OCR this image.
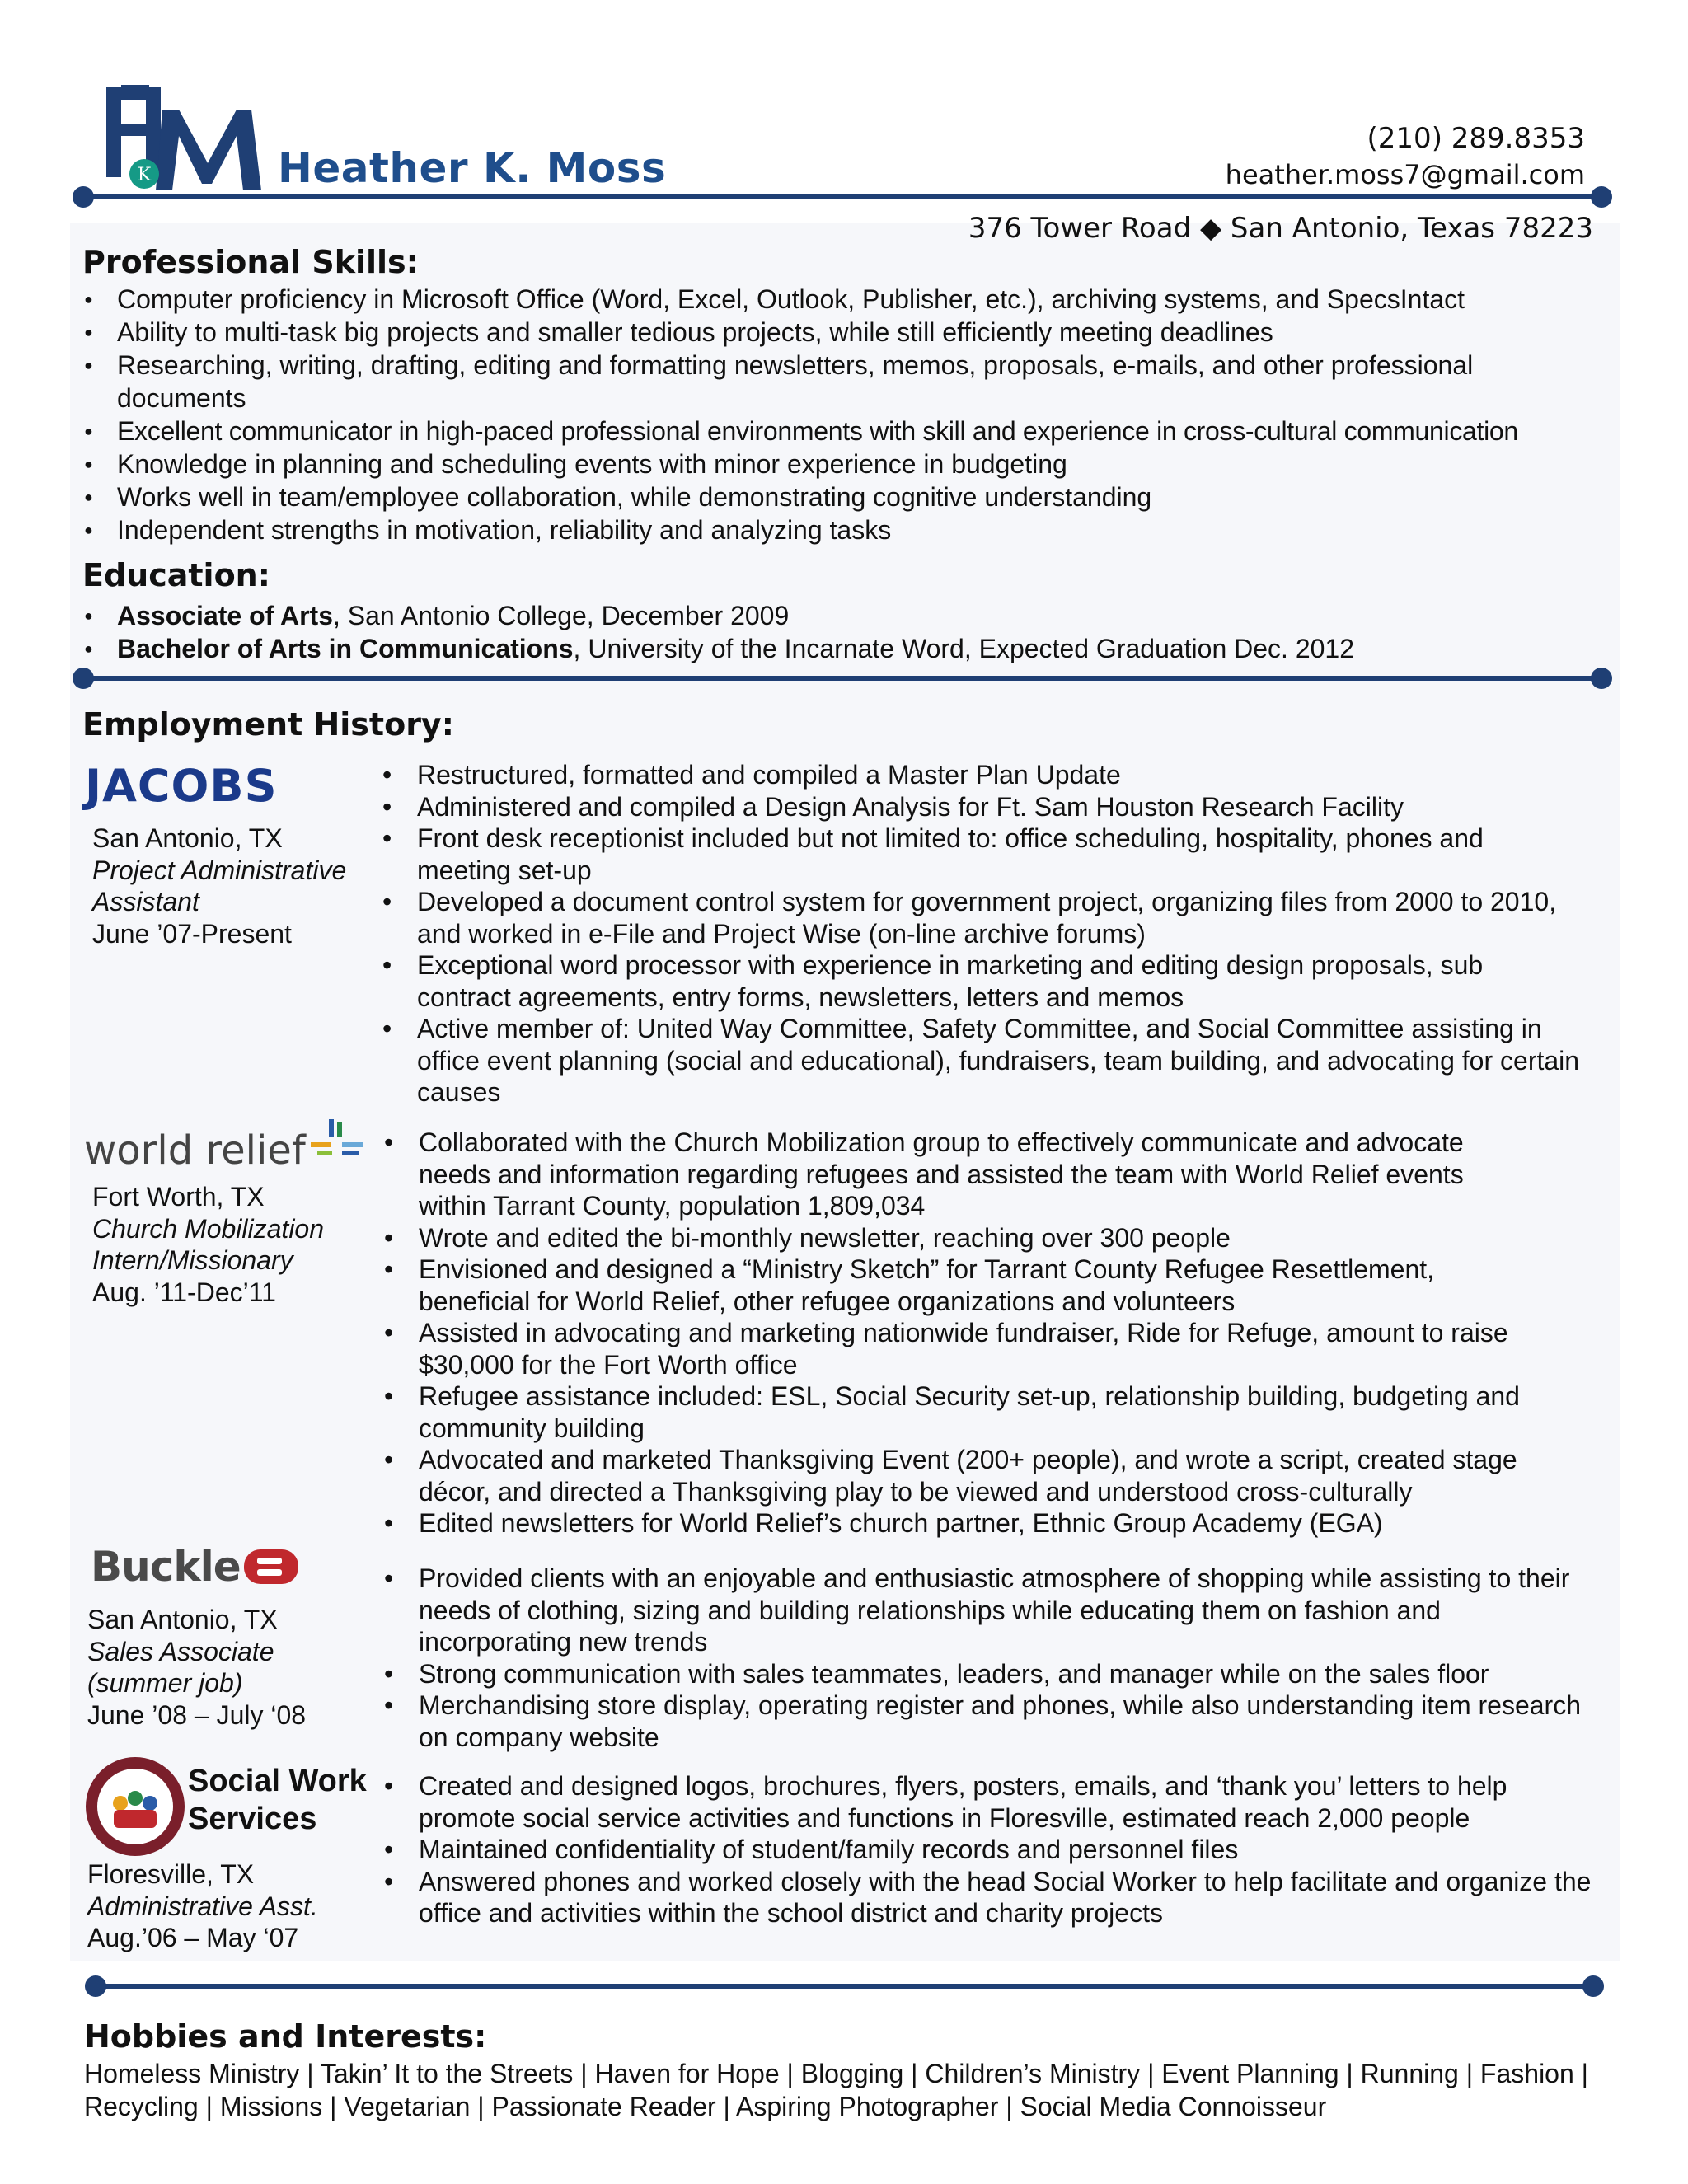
K	Heather K. Moss
(210) 289.8353
heather.moss7@gmail.com
376 Tower Road ◆ San Antonio, Texas 78223
Professional Skills:
● Computer proficiency in Microsoft Office (Word, Excel, Outlook, Publisher, etc.), archiving systems, and SpecsIntact
● Ability to multi-task big projects and smaller tedious projects, while still efficiently meeting deadlines
● Researching, writing, drafting, editing and formatting newsletters, memos, proposals, e-mails, and other professional documents
● Excellent communicator in high-paced professional environments with skill and experience in cross-cultural communication
● Knowledge in planning and scheduling events with minor experience in budgeting
● Works well in team/employee collaboration, while demonstrating cognitive understanding
● Independent strengths in motivation, reliability and analyzing tasks
Education:
● Associate of Arts, San Antonio College, December 2009
● Bachelor of Arts in Communications, University of the Incarnate Word, Expected Graduation Dec. 2012
Employment History:
JACOBS
San Antonio, TX
Project Administrative Assistant
June ’07-Present
• Restructured, formatted and compiled a Master Plan Update
• Administered and compiled a Design Analysis for Ft. Sam Houston Research Facility
• Front desk receptionist included but not limited to: office scheduling, hospitality, phones and meeting set-up
• Developed a document control system for government project, organizing files from 2000 to 2010, and worked in e-File and Project Wise (on-line archive forums)
• Exceptional word processor with experience in marketing and editing design proposals, sub contract agreements, entry forms, newsletters, letters and memos
• Active member of: United Way Committee, Safety Committee, and Social Committee assisting in office event planning (social and educational), fundraisers, team building, and advocating for certain causes
world relief
Fort Worth, TX
Church Mobilization Intern/Missionary
Aug. ’11-Dec’11
• Collaborated with the Church Mobilization group to effectively communicate and advocate needs and information regarding refugees and assisted the team with World Relief events within Tarrant County, population 1,809,034
• Wrote and edited the bi-monthly newsletter, reaching over 300 people
• Envisioned and designed a “Ministry Sketch” for Tarrant County Refugee Resettlement, beneficial for World Relief, other refugee organizations and volunteers
• Assisted in advocating and marketing nationwide fundraiser, Ride for Refuge, amount to raise $30,000 for the Fort Worth office
• Refugee assistance included: ESL, Social Security set-up, relationship building, budgeting and community building
• Advocated and marketed Thanksgiving Event (200+ people), and wrote a script, created stage décor, and directed a Thanksgiving play to be viewed and understood cross-culturally
• Edited newsletters for World Relief’s church partner, Ethnic Group Academy (EGA)
Buckle
San Antonio, TX
Sales Associate (summer job)
June ’08 – July ‘08
• Provided clients with an enjoyable and enthusiastic atmosphere of shopping while assisting to their needs of clothing, sizing and building relationships while educating them on fashion and incorporating new trends
• Strong communication with sales teammates, leaders, and manager while on the sales floor
• Merchandising store display, operating register and phones, while also understanding item research on company website
Social Work Services
Floresville, TX
Administrative Asst.
Aug.’06 – May ‘07
• Created and designed logos, brochures, flyers, posters, emails, and ‘thank you’ letters to help promote social service activities and functions in Floresville, estimated reach 2,000 people
• Maintained confidentiality of student/family records and personnel files
• Answered phones and worked closely with the head Social Worker to help facilitate and organize the office and activities within the school district and charity projects
Hobbies and Interests:
Homeless Ministry | Takin’ It to the Streets | Haven for Hope | Blogging | Children’s Ministry | Event Planning | Running | Fashion | Recycling | Missions | Vegetarian | Passionate Reader | Aspiring Photographer | Social Media Connoisseur
